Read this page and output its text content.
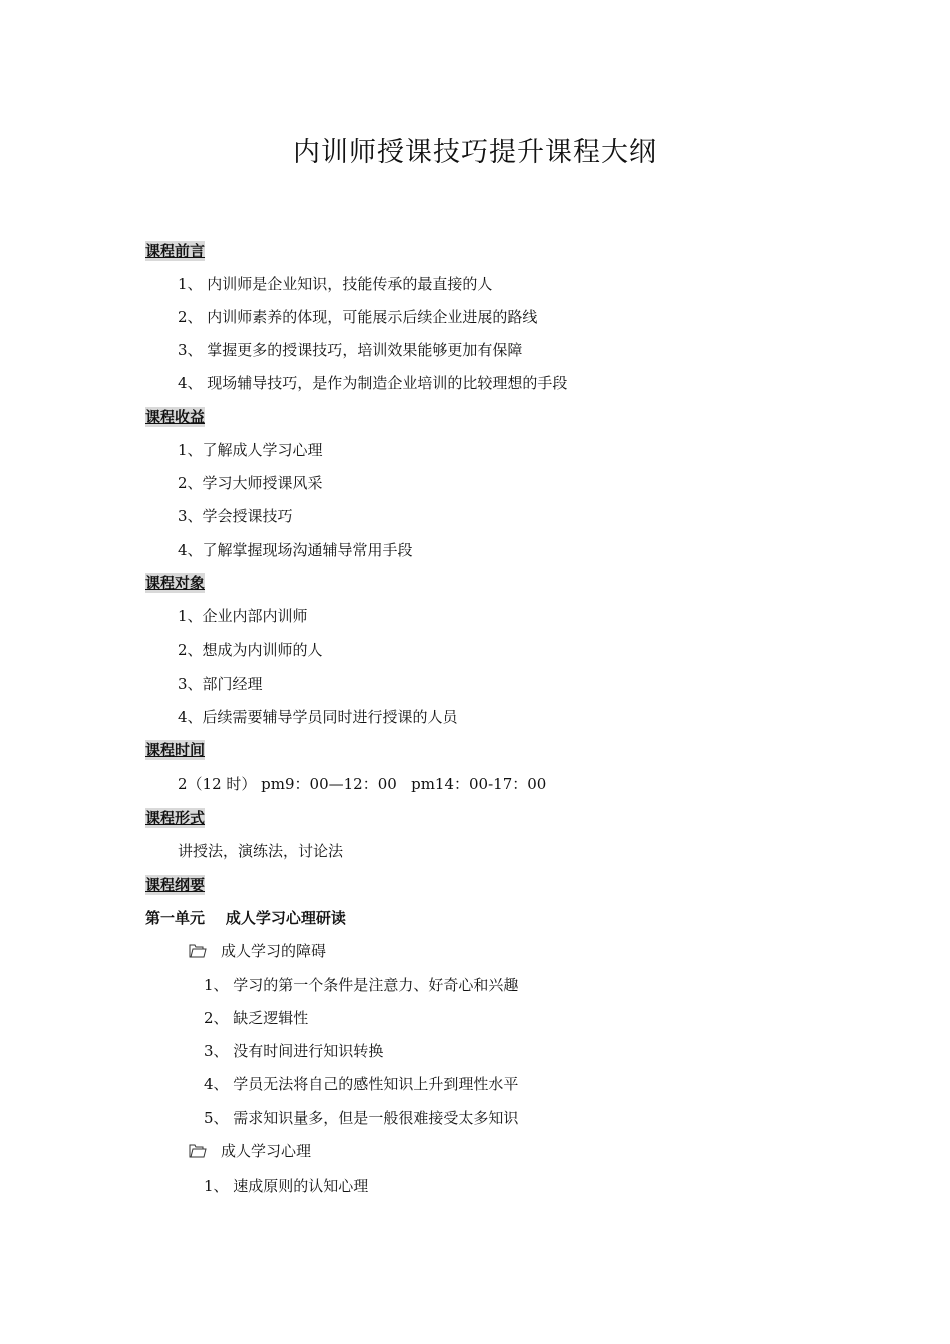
内训师授课技巧提升课程大纲
课程前言
1、 内训师是企业知识，技能传承的最直接的人
2、 内训师素养的体现，可能展示后续企业进展的路线
3、 掌握更多的授课技巧，培训效果能够更加有保障
4、 现场辅导技巧，是作为制造企业培训的比较理想的手段
课程收益
1、了解成人学习心理
2、学习大师授课风采
3、学会授课技巧
4、了解掌握现场沟通辅导常用手段
课程对象
1、企业内部内训师
2、想成为内训师的人
3、部门经理
4、后续需要辅导学员同时进行授课的人员
课程时间
2（12 时） pm9：00—12：00   pm14：00-17：00
课程形式
讲授法，演练法，讨论法
课程纲要
第一单元    成人学习心理研读
成人学习的障碍
1、 学习的第一个条件是注意力、好奇心和兴趣
2、 缺乏逻辑性
3、 没有时间进行知识转换
4、 学员无法将自己的感性知识上升到理性水平
5、 需求知识量多，但是一般很难接受太多知识
成人学习心理
1、 速成原则的认知心理
